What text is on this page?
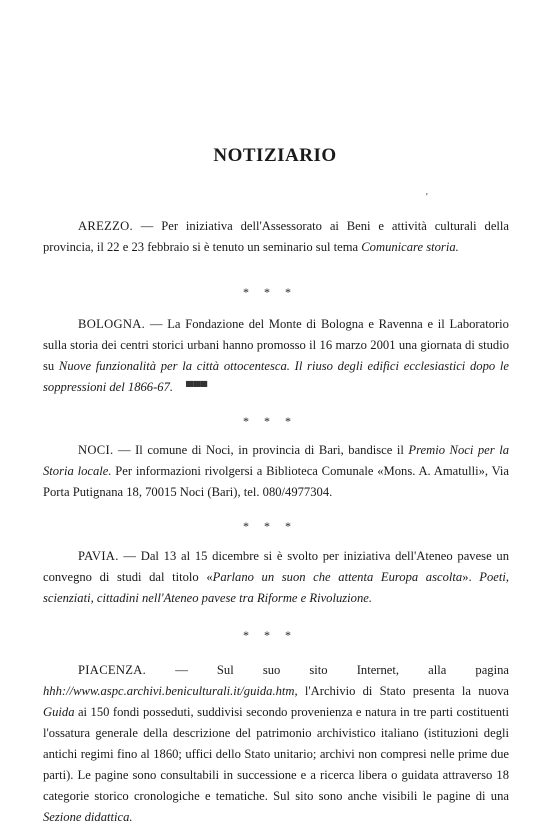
NOTIZIARIO
'
AREZZO. — Per iniziativa dell'Assessorato ai Beni e attività culturali della provincia, il 22 e 23 febbraio si è tenuto un seminario sul tema Comunicare storia.
* * *
BOLOGNA. — La Fondazione del Monte di Bologna e Ravenna e il Laboratorio sulla storia dei centri storici urbani hanno promosso il 16 marzo 2001 una giornata di studio su Nuove funzionalità per la città ottocentesca. Il riuso degli edifici ecclesiastici dopo le soppressioni del 1866-67.	▀▀▀
* * *
NOCI. — Il comune di Noci, in provincia di Bari, bandisce il Premio Noci per la Storia locale. Per informazioni rivolgersi a Biblioteca Comunale «Mons. A. Amatulli», Via Porta Putignana 18, 70015 Noci (Bari), tel. 080/4977304.
* * *
PAVIA. — Dal 13 al 15 dicembre si è svolto per iniziativa dell'Ateneo pavese un convegno di studi dal titolo «Parlano un suon che attenta Europa ascolta». Poeti, scienziati, cittadini nell'Ateneo pavese tra Riforme e Rivoluzione.
* * *
PIACENZA. — Sul suo sito Internet, alla pagina
hhh://www.aspc.archivi.beniculturali.it/guida.htm, l'Archivio di Stato presenta la nuova Guida ai 150 fondi posseduti, suddivisi secondo provenienza e natura in tre parti costituenti l'ossatura generale della descrizione del patrimonio archivistico italiano (istituzioni degli antichi regimi fino al 1860; uffici dello Stato unitario; archivi non compresi nelle prime due parti). Le pagine sono consultabili in successione e a ricerca libera o guidata attraverso 18 categorie storico cronologiche e tematiche. Sul sito sono anche visibili le pagine di una Sezione didattica.
